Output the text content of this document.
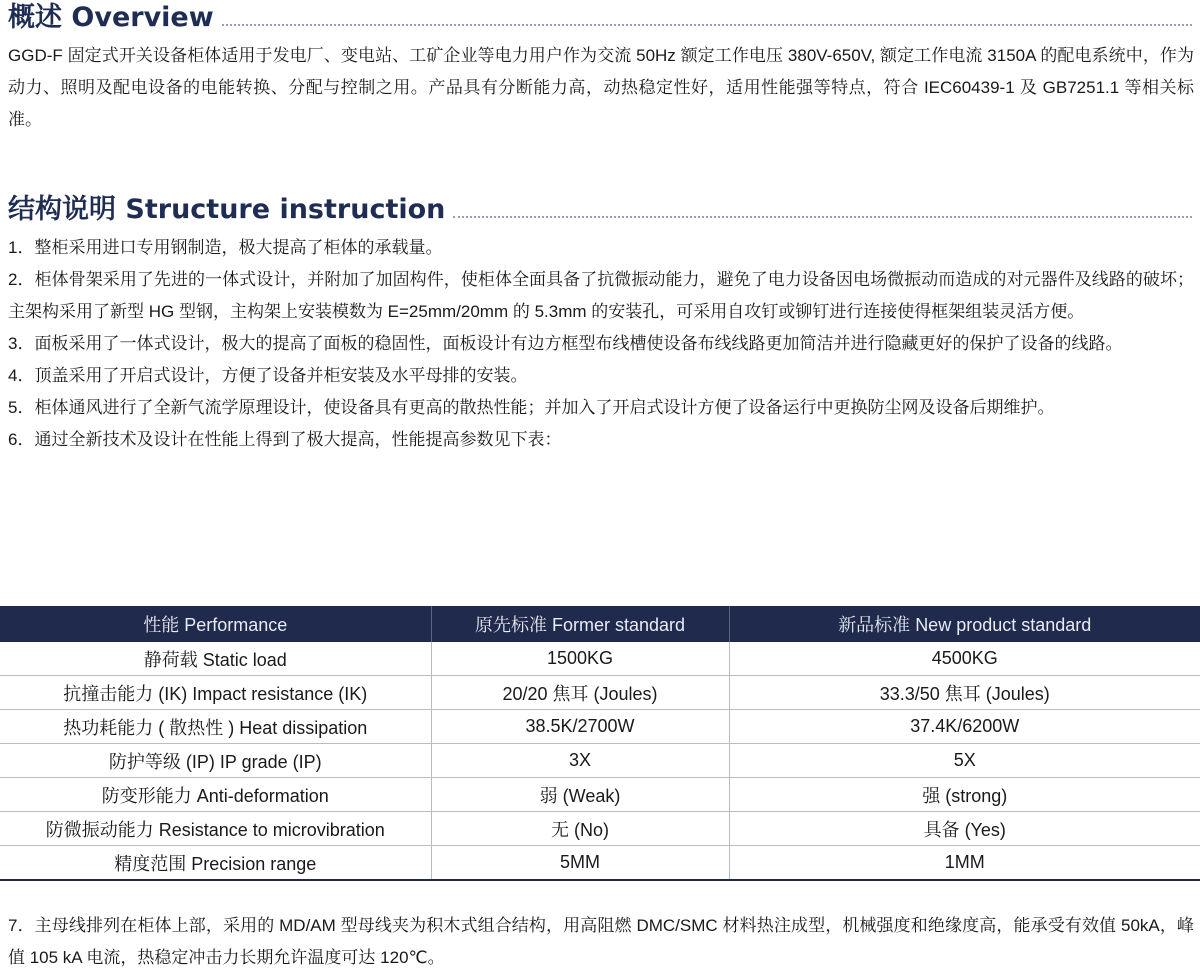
概述 Overview

GGD-F 固定式开关设备柜体适用于发电厂、变电站、工矿企业等电力用户作为交流 50Hz 额定工作电压 380V-650V, 额定工作电流 3150A 的配电系统中，作为动力、照明及配电设备的电能转换、分配与控制之用。产品具有分断能力高，动热稳定性好，适用性能强等特点，符合 IEC60439-1 及 GB7251.1 等相关标准。

结构说明 Structure instruction
1．整柜采用进口专用钢制造，极大提高了柜体的承载量。
2．柜体骨架采用了先进的一体式设计，并附加了加固构件，使柜体全面具备了抗微振动能力，避免了电力设备因电场微振动而造成的对元器件及线路的破坏；主架构采用了新型 HG 型钢，主构架上安装模数为 E=25mm/20mm 的 5.3mm 的安装孔，可采用自攻钉或铆钉进行连接使得框架组装灵活方便。
3．面板采用了一体式设计，极大的提高了面板的稳固性，面板设计有边方框型布线槽使设备布线线路更加简洁并进行隐藏更好的保护了设备的线路。
4．顶盖采用了开启式设计，方便了设备并柜安装及水平母排的安装。
5．柜体通风进行了全新气流学原理设计，使设备具有更高的散热性能；并加入了开启式设计方便了设备运行中更换防尘网及设备后期维护。
6．通过全新技术及设计在性能上得到了极大提高，性能提高参数见下表：
性能 Performance	原先标准 Former standard	新品标准 New product standard
静荷载 Static load	1500KG	4500KG
抗撞击能力 (IK) Impact resistance (IK)	20/20 焦耳 (Joules)	33.3/50 焦耳 (Joules)
热功耗能力 ( 散热性 ) Heat dissipation	38.5K/2700W	37.4K/6200W
防护等级 (IP) IP grade (IP)	3X	5X
防变形能力 Anti-deformation	弱 (Weak)	强 (strong)
防微振动能力 Resistance to microvibration	无 (No)	具备 (Yes)
精度范围 Precision range	5MM	1MM

7．主母线排列在柜体上部，采用的 MD/AM 型母线夹为积木式组合结构，用高阻燃 DMC/SMC 材料热注成型，机械强度和绝缘度高，能承受有效值 50kA，峰值 105 kA 电流，热稳定冲击力长期允许温度可达 120℃。
